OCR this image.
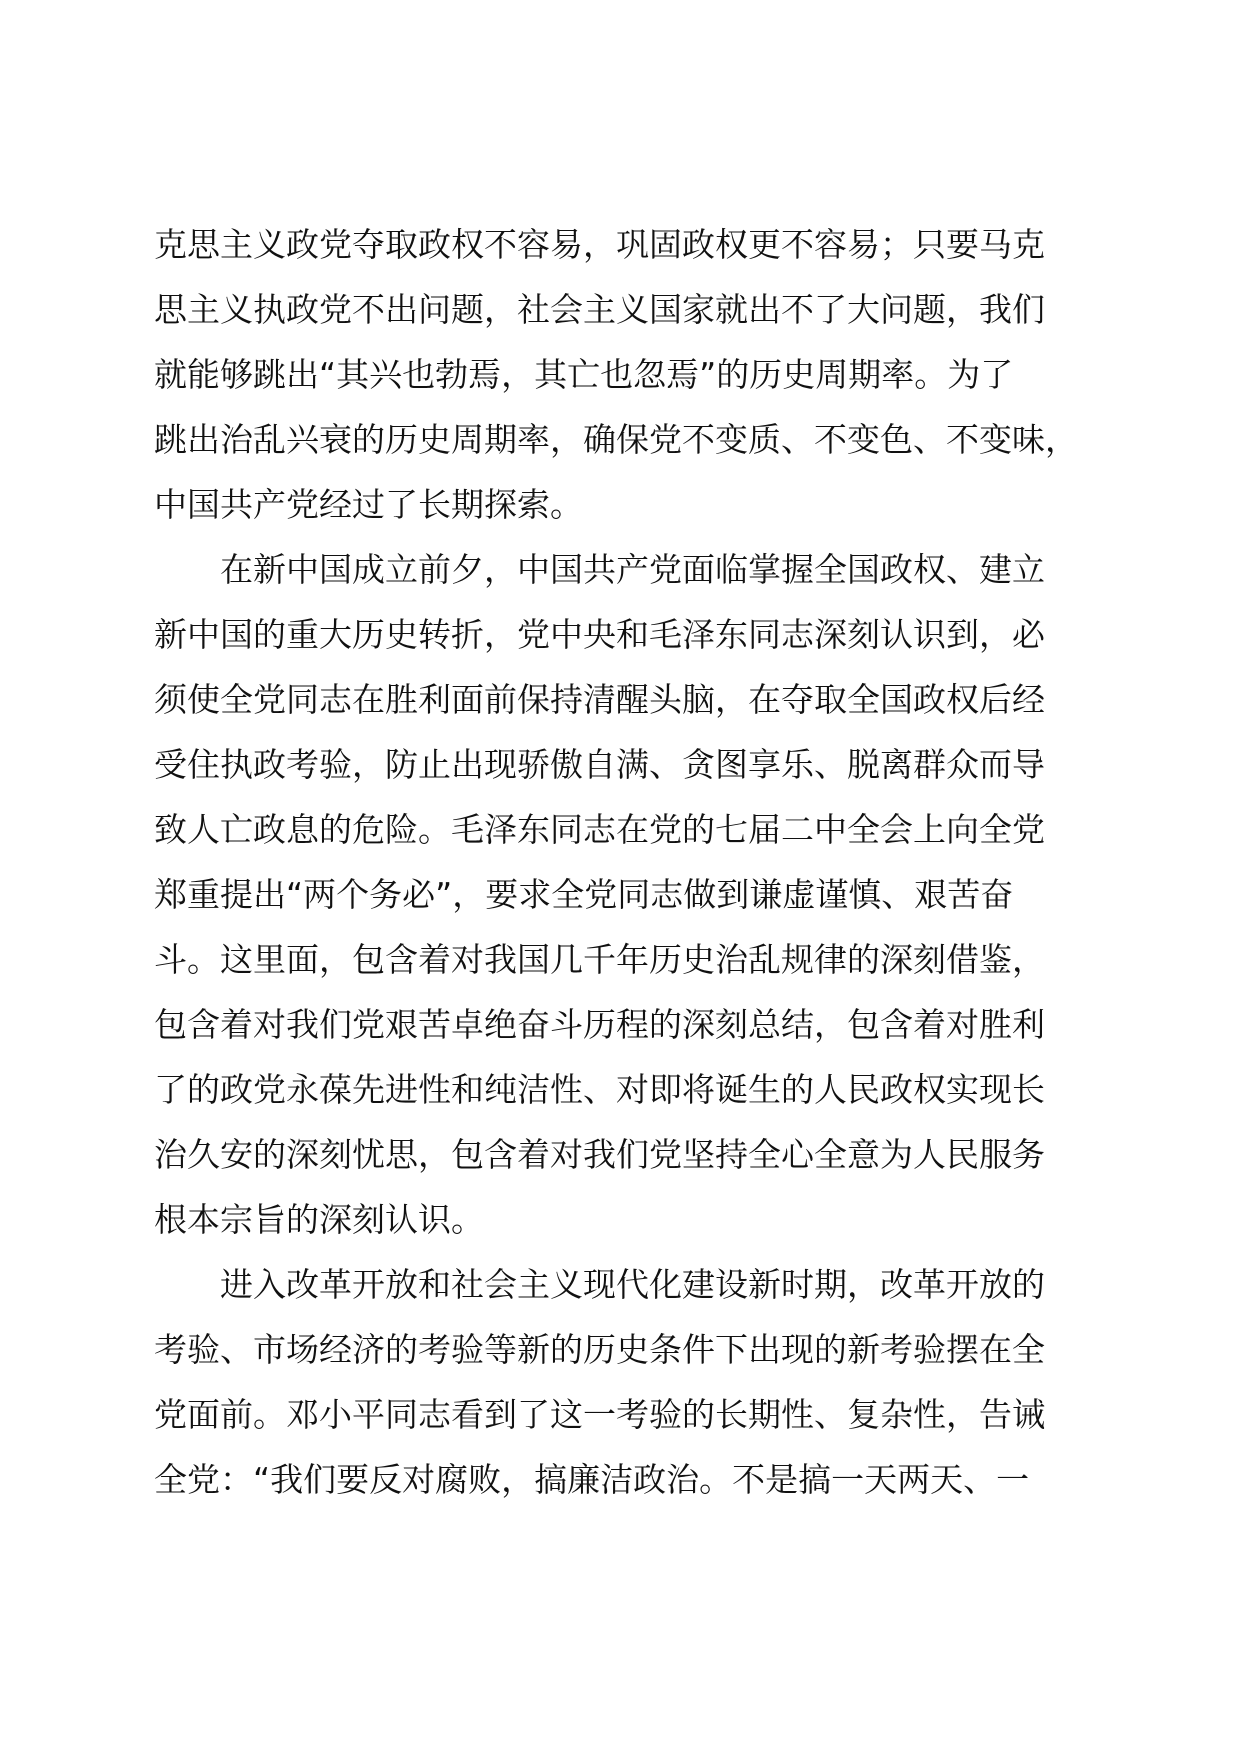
克思主义政党夺取政权不容易，巩固政权更不容易；只要马克
思主义执政党不出问题，社会主义国家就出不了大问题，我们
就能够跳出“其兴也勃焉，其亡也忽焉”的历史周期率。为了
跳出治乱兴衰的历史周期率，确保党不变质、不变色、不变味，
中国共产党经过了长期探索。
在新中国成立前夕，中国共产党面临掌握全国政权、建立
新中国的重大历史转折，党中央和毛泽东同志深刻认识到，必
须使全党同志在胜利面前保持清醒头脑，在夺取全国政权后经
受住执政考验，防止出现骄傲自满、贪图享乐、脱离群众而导
致人亡政息的危险。毛泽东同志在党的七届二中全会上向全党
郑重提出“两个务必”，要求全党同志做到谦虚谨慎、艰苦奋
斗。这里面，包含着对我国几千年历史治乱规律的深刻借鉴，
包含着对我们党艰苦卓绝奋斗历程的深刻总结，包含着对胜利
了的政党永葆先进性和纯洁性、对即将诞生的人民政权实现长
治久安的深刻忧思，包含着对我们党坚持全心全意为人民服务
根本宗旨的深刻认识。
进入改革开放和社会主义现代化建设新时期，改革开放的
考验、市场经济的考验等新的历史条件下出现的新考验摆在全
党面前。邓小平同志看到了这一考验的长期性、复杂性，告诫
全党：“我们要反对腐败，搞廉洁政治。不是搞一天两天、一
